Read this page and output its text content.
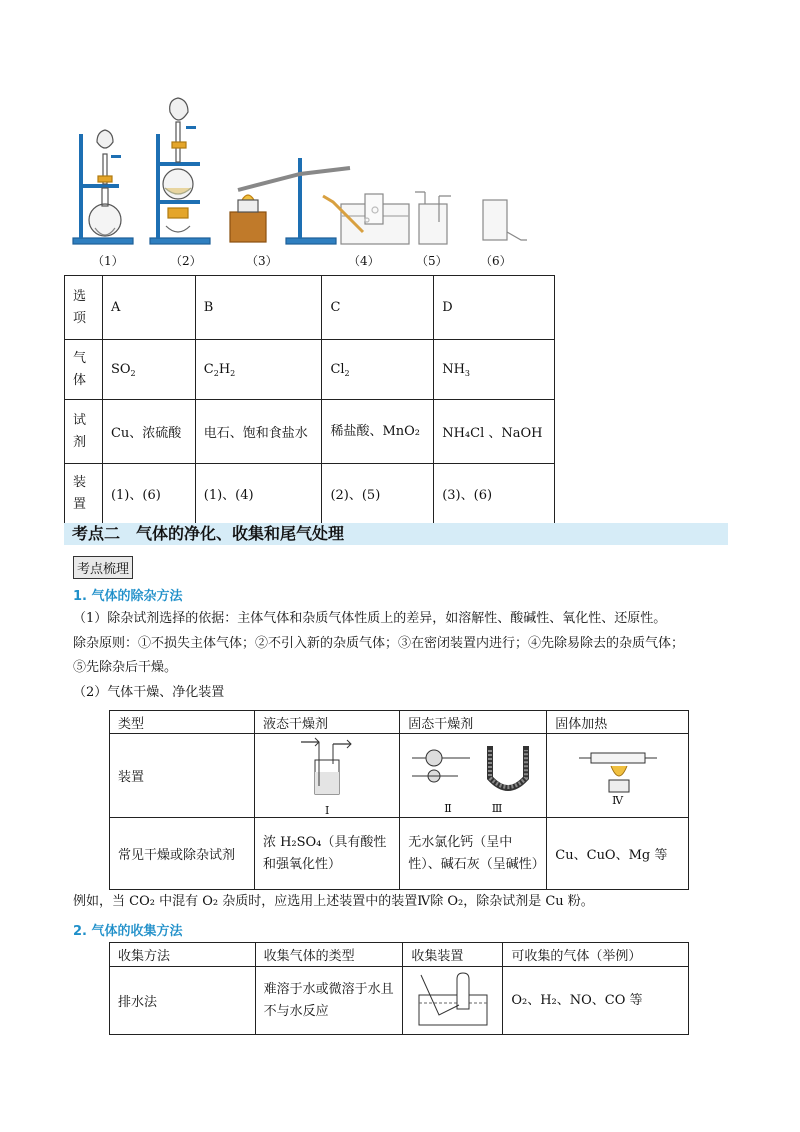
（1）	（2）	（3）	（4）	（5）	（6）
选项	A	B	C	D
气体	$SO_2$	$C_2H_2$	$Cl_2$	$NH_3$
试剂	Cu、浓硫酸	电石、饱和食盐水	稀盐酸、MnO₂	NH₄Cl 、NaOH
装置	(1)、(6)	(1)、(4)	(2)、(5)	(3)、(6)
考点二　气体的净化、收集和尾气处理
考点梳理
1. 气体的除杂方法
（1）除杂试剂选择的依据：主体气体和杂质气体性质上的差异，如溶解性、酸碱性、氧化性、还原性。
除杂原则：①不损失主体气体；②不引入新的杂质气体；③在密闭装置内进行；④先除易除去的杂质气体；
⑤先除杂后干燥。
（2）气体干燥、净化装置
类型	液态干燥剂	固态干燥剂	固体加热
装置	Ⅰ	Ⅱ Ⅲ	Ⅳ

常见干燥或除杂试剂	浓 H₂SO₄（具有酸性和强氧化性）	无水氯化钙（呈中性）、碱石灰（呈碱性）	Cu、CuO、Mg 等
例如，当 CO₂ 中混有 O₂ 杂质时，应选用上述装置中的装置Ⅳ除 O₂，除杂试剂是 Cu 粉。
2. 气体的收集方法
收集方法	收集气体的类型	收集装置	可收集的气体（举例）
排水法	难溶于水或微溶于水且不与水反应		O₂、H₂、NO、CO 等
